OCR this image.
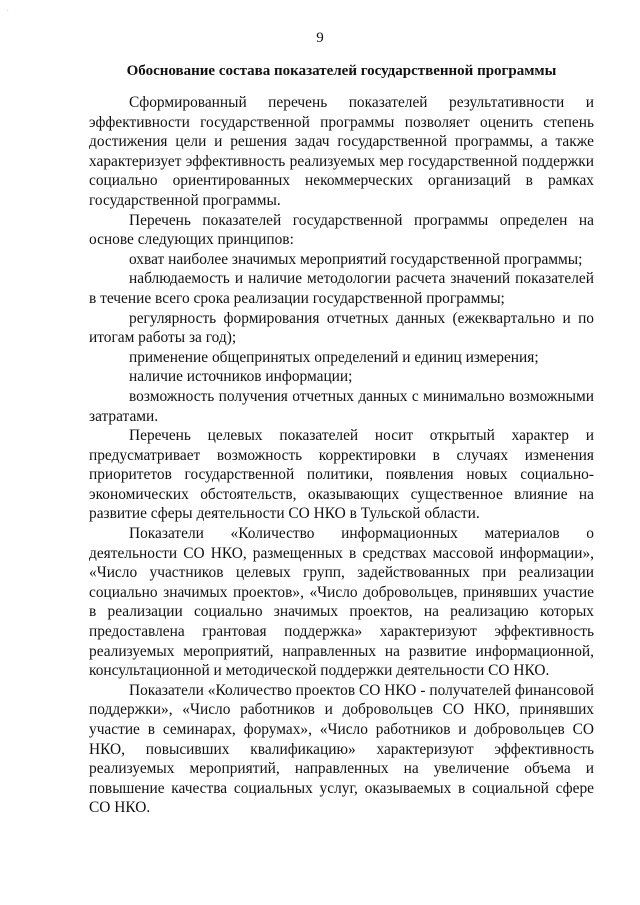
·
9
Обоснование состава показателей государственной программы

Сформированный перечень показателей результативности и эффективности государственной программы позволяет оценить степень достижения цели и решения задач государственной программы, а также характеризует эффективность реализуемых мер государственной поддержки социально ориентированных некоммерческих организаций в рамках государственной программы.

Перечень показателей государственной программы определен на основе следующих принципов:

охват наиболее значимых мероприятий государственной программы;

наблюдаемость и наличие методологии расчета значений показателей в течение всего срока реализации государственной программы;

регулярность формирования отчетных данных (ежеквартально и по итогам работы за год);

применение общепринятых определений и единиц измерения;

наличие источников информации;

возможность получения отчетных данных с минимально возможными затратами.

Перечень целевых показателей носит открытый характер и предусматривает возможность корректировки в случаях изменения приоритетов государственной политики, появления новых социально-экономических обстоятельств, оказывающих существенное влияние на развитие сферы деятельности СО НКО в Тульской области.

Показатели «Количество информационных материалов о деятельности СО НКО, размещенных в средствах массовой информации», «Число участников целевых групп, задействованных при реализации социально значимых проектов», «Число добровольцев, принявших участие в реализации социально значимых проектов, на реализацию которых предоставлена грантовая поддержка» характеризуют эффективность реализуемых мероприятий, направленных на развитие информационной, консультационной и методической поддержки деятельности СО НКО.

Показатели «Количество проектов СО НКО - получателей финансовой поддержки», «Число работников и добровольцев СО НКО, принявших участие в семинарах, форумах», «Число работников и добровольцев СО НКО, повысивших квалификацию» характеризуют эффективность реализуемых мероприятий, направленных на увеличение объема и повышение качества социальных услуг, оказываемых в социальной сфере СО НКО.
